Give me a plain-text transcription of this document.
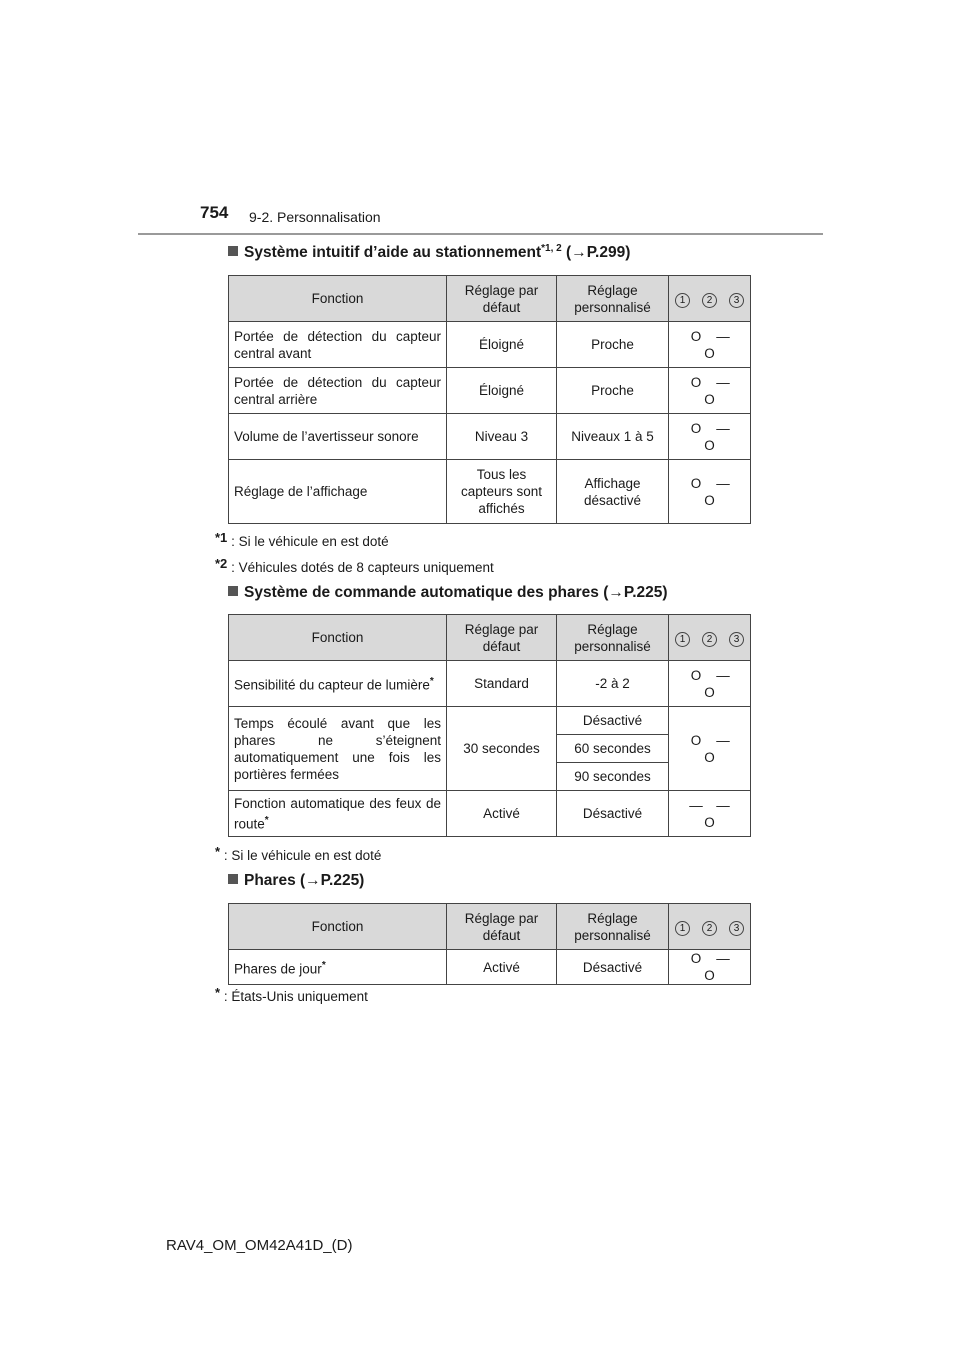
754 9-2. Personnalisation
Système intuitif d’aide au stationnement$^{*1, 2}$ (→P.299)
Fonction	Réglage par défaut	Réglage personnalisé	1 2 3
Portée de détection du capteur central avant	Éloigné	Proche	O —O
Portée de détection du capteur central arrière	Éloigné	Proche	O —O
Volume de l’avertisseur sonore	Niveau 3	Niveaux 1 à 5	O —O
Réglage de l’affichage	Tous les capteurs sont affichés	Affichage désactivé	O —O
*1 : Si le véhicule en est doté
*2 : Véhicules dotés de 8 capteurs uniquement
Système de commande automatique des phares (→P.225)
Fonction	Réglage par défaut	Réglage personnalisé	1 2 3
Sensibilité du capteur de lumière*	Standard	-2 à 2	O —O
Temps écoulé avant que les phares ne s’éteignent automatiquement une fois les portières fermées	30 secondes	Désactivé	O —O
		60 secondes	
		90 secondes	
Fonction automatique des feux de route*	Activé	Désactivé	— —O
* : Si le véhicule en est doté
Phares (→P.225)
Fonction	Réglage par défaut	Réglage personnalisé	1 2 3
Phares de jour*	Activé	Désactivé	O —O
* : États-Unis uniquement
RAV4_OM_OM42A41D_(D)
